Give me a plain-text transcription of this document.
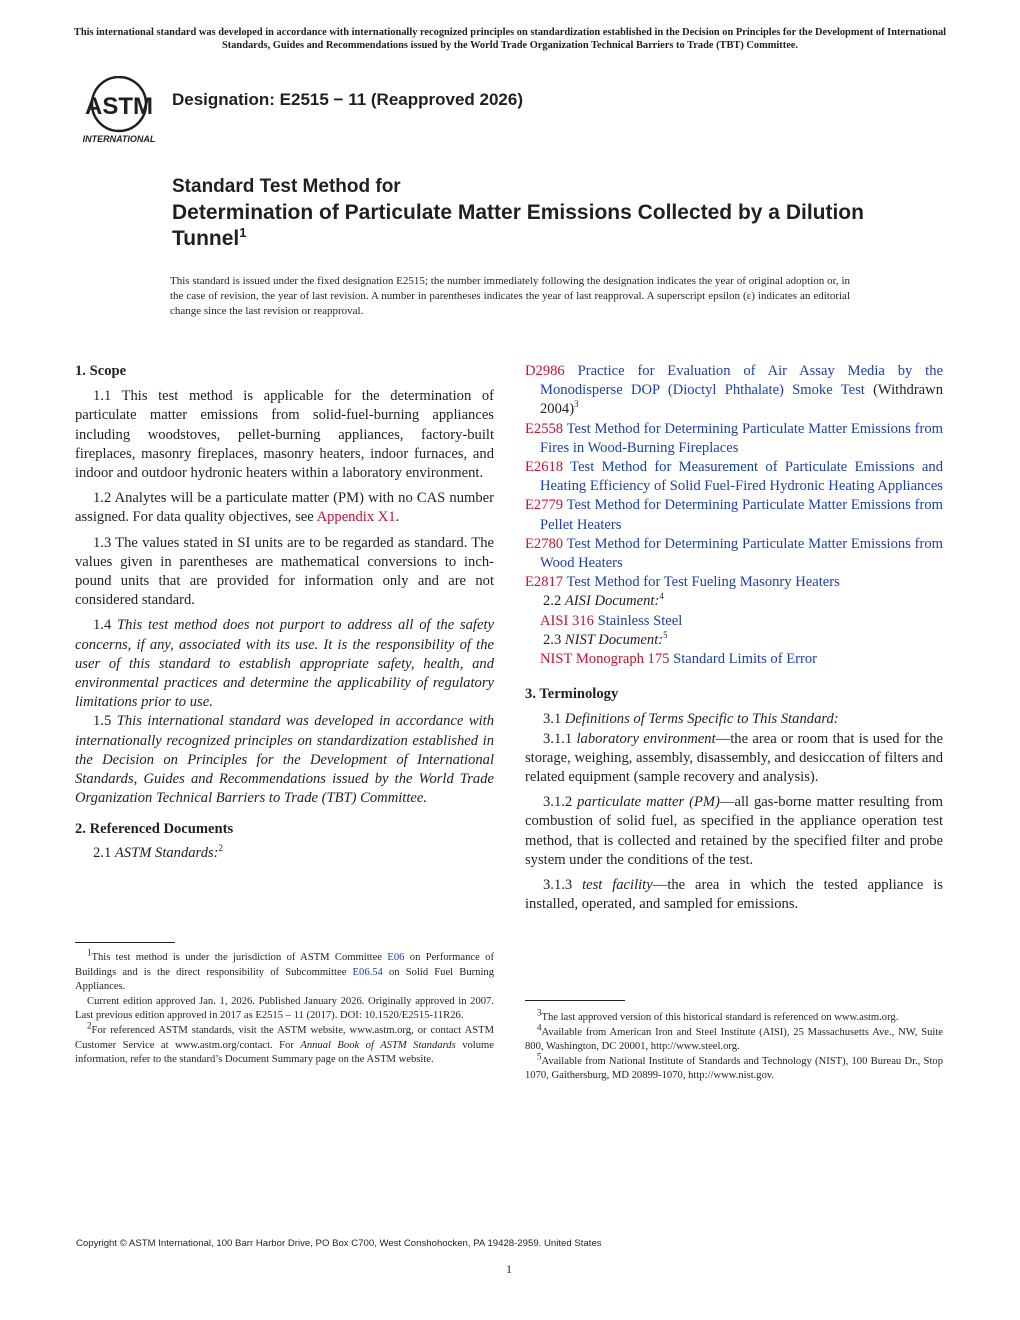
This international standard was developed in accordance with internationally recognized principles on standardization established in the Decision on Principles for the Development of International Standards, Guides and Recommendations issued by the World Trade Organization Technical Barriers to Trade (TBT) Committee.
ASTM
INTERNATIONAL
Designation: E2515 − 11 (Reapproved 2026)
Standard Test Method for
Determination of Particulate Matter Emissions Collected by a Dilution Tunnel$^1$
This standard is issued under the fixed designation E2515; the number immediately following the designation indicates the year of original adoption or, in the case of revision, the year of last revision. A number in parentheses indicates the year of last reapproval. A superscript epsilon (ε) indicates an editorial change since the last revision or reapproval.
1. Scope

1.1 This test method is applicable for the determination of particulate matter emissions from solid-fuel-burning appliances including woodstoves, pellet-burning appliances, factory-built fireplaces, masonry fireplaces, masonry heaters, indoor furnaces, and indoor and outdoor hydronic heaters within a laboratory environment.

1.2 Analytes will be a particulate matter (PM) with no CAS number assigned. For data quality objectives, see Appendix X1.

1.3 The values stated in SI units are to be regarded as standard. The values given in parentheses are mathematical conversions to inch-pound units that are provided for information only and are not considered standard.

1.4 This test method does not purport to address all of the safety concerns, if any, associated with its use. It is the responsibility of the user of this standard to establish appropriate safety, health, and environmental practices and determine the applicability of regulatory limitations prior to use.

1.5 This international standard was developed in accordance with internationally recognized principles on standardization established in the Decision on Principles for the Development of International Standards, Guides and Recommendations issued by the World Trade Organization Technical Barriers to Trade (TBT) Committee.

2. Referenced Documents

2.1 ASTM Standards:$^2$

$^1$This test method is under the jurisdiction of ASTM Committee E06 on Performance of Buildings and is the direct responsibility of Subcommittee E06.54 on Solid Fuel Burning Appliances.

Current edition approved Jan. 1, 2026. Published January 2026. Originally approved in 2007. Last previous edition approved in 2017 as E2515 – 11 (2017). DOI: 10.1520/E2515-11R26.

$^2$For referenced ASTM standards, visit the ASTM website, www.astm.org, or contact ASTM Customer Service at www.astm.org/contact. For Annual Book of ASTM Standards volume information, refer to the standard’s Document Summary page on the ASTM website.

D2986 Practice for Evaluation of Air Assay Media by the Monodisperse DOP (Dioctyl Phthalate) Smoke Test (Withdrawn 2004)$^3$

E2558 Test Method for Determining Particulate Matter Emissions from Fires in Wood-Burning Fireplaces

E2618 Test Method for Measurement of Particulate Emissions and Heating Efficiency of Solid Fuel-Fired Hydronic Heating Appliances

E2779 Test Method for Determining Particulate Matter Emissions from Pellet Heaters

E2780 Test Method for Determining Particulate Matter Emissions from Wood Heaters

E2817 Test Method for Test Fueling Masonry Heaters

2.2 AISI Document:$^4$

AISI 316 Stainless Steel

2.3 NIST Document:$^5$

NIST Monograph 175 Standard Limits of Error

3. Terminology

3.1 Definitions of Terms Specific to This Standard:

3.1.1 laboratory environment—the area or room that is used for the storage, weighing, assembly, disassembly, and desiccation of filters and related equipment (sample recovery and analysis).

3.1.2 particulate matter (PM)—all gas-borne matter resulting from combustion of solid fuel, as specified in the appliance operation test method, that is collected and retained by the specified filter and probe system under the conditions of the test.

3.1.3 test facility—the area in which the tested appliance is installed, operated, and sampled for emissions.

$^3$The last approved version of this historical standard is referenced on www.astm.org.

$^4$Available from American Iron and Steel Institute (AISI), 25 Massachusetts Ave., NW, Suite 800, Washington, DC 20001, http://www.steel.org.

$^5$Available from National Institute of Standards and Technology (NIST), 100 Bureau Dr., Stop 1070, Gaithersburg, MD 20899-1070, http://www.nist.gov.

Copyright © ASTM International, 100 Barr Harbor Drive, PO Box C700, West Conshohocken, PA 19428-2959. United States
1
